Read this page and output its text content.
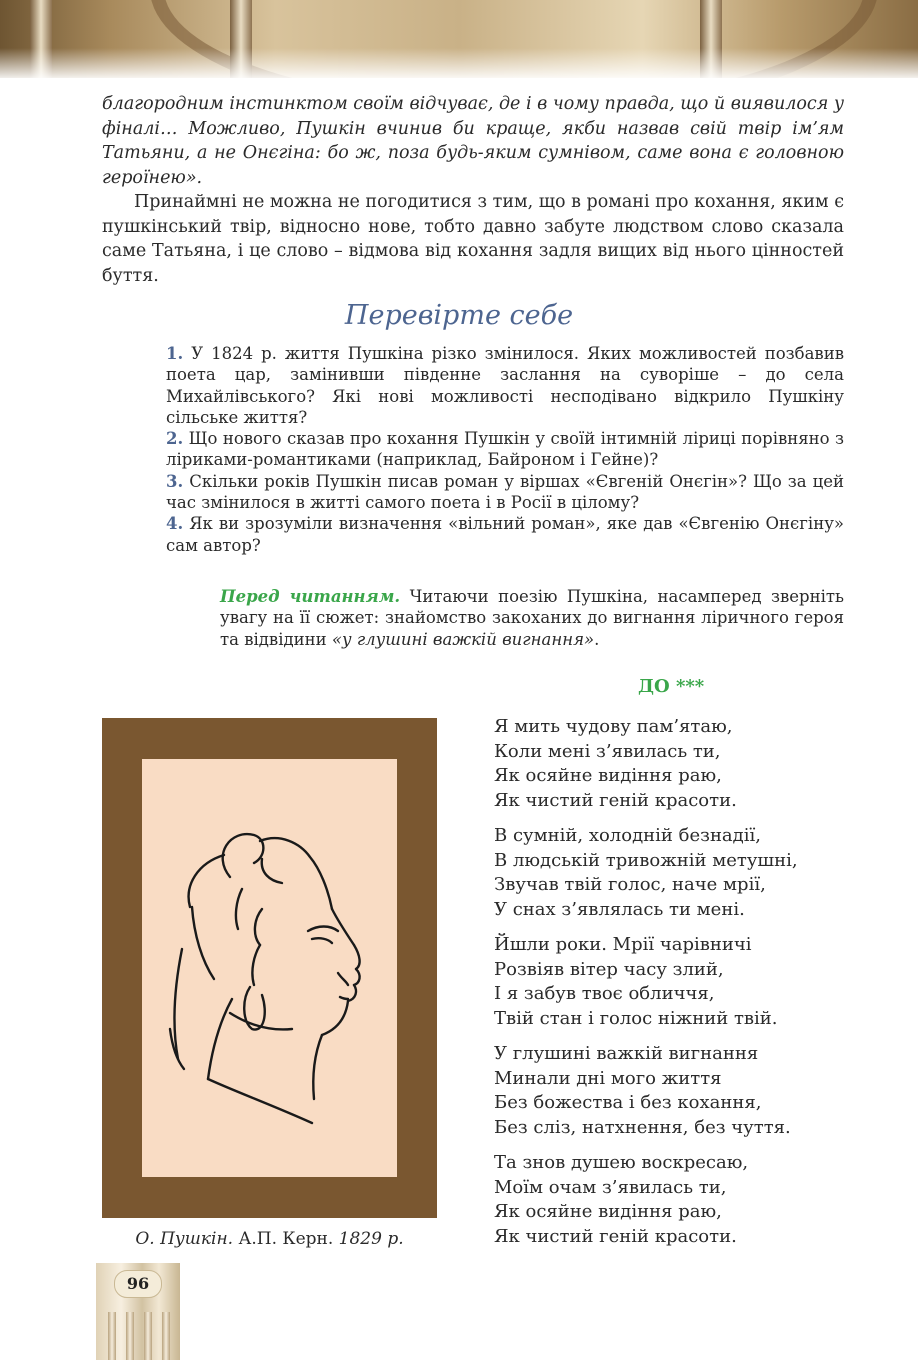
благородним інстинктом своїм відчуває, де і в чому правда, що й виявилося у фіналі… Можливо, Пушкін вчинив би краще, якби назвав свій твір ім’ям Татьяни, а не Онєгіна: бо ж, поза будь-яким сумнівом, саме вона є головною героїнею».
Принаймні не можна не погодитися з тим, що в романі про кохання, яким є пушкінський твір, відносно нове, тобто давно забуте людством слово сказала саме Татьяна, і це слово – відмова від кохання задля вищих від нього цінностей буття.
Перевірте себе
1. У 1824 р. життя Пушкіна різко змінилося. Яких можливостей позбавив поета цар, замінивши південне заслання на суворіше – до села Михайлівського? Які нові можливості несподівано відкрило Пушкіну сільське життя?
2. Що нового сказав про кохання Пушкін у своїй інтимній ліриці порівняно з ліриками-романтиками (наприклад, Байроном і Гейне)?
3. Скільки років Пушкін писав роман у віршах «Євгеній Онєгін»? Що за цей час змінилося в житті самого поета і в Росії в цілому?
4. Як ви зрозуміли визначення «вільний роман», яке дав «Євгенію Онєгіну» сам автор?
Перед читанням. Читаючи поезію Пушкіна, насамперед зверніть увагу на її сюжет: знайомство закоханих до вигнання ліричного героя та відвідини «у глушині важкій вигнання».
ДО ***
О. Пушкін. А.П. Керн. 1829 р.
Я мить чудову пам’ятаю,
Коли мені з’явилась ти,
Як осяйне видіння раю,
Як чистий геній красоти.
В сумній, холодній безнадії,
В людській тривожній метушні,
Звучав твій голос, наче мрії,
У снах з’являлась ти мені.
Йшли роки. Мрії чарівничі
Розвіяв вітер часу злий,
І я забув твоє обличчя,
Твій стан і голос ніжний твій.
У глушині важкій вигнання
Минали дні мого життя
Без божества і без кохання,
Без сліз, натхнення, без чуття.
Та знов душею воскресаю,
Моїм очам з’явилась ти,
Як осяйне видіння раю,
Як чистий геній красоти.
96
